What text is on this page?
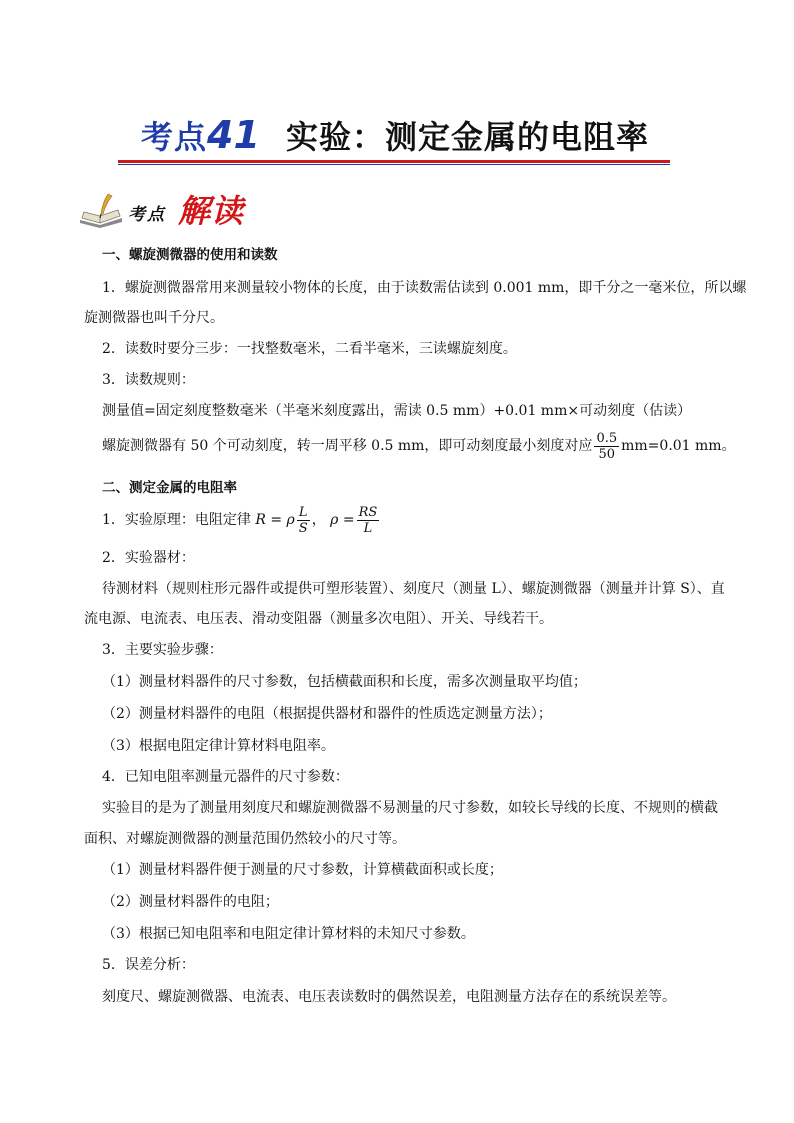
考点41 实验：测定金属的电阻率
考点 解读
一、螺旋测微器的使用和读数
1．螺旋测微器常用来测量较小物体的长度，由于读数需估读到 0.001 mm，即千分之一毫米位，所以螺
旋测微器也叫千分尺。
2．读数时要分三步：一找整数毫米，二看半毫米，三读螺旋刻度。
3．读数规则：
测量值=固定刻度整数毫米（半毫米刻度露出，需读 0.5 mm）+0.01 mm×可动刻度（估读）
螺旋测微器有 50 个可动刻度，转一周平移 0.5 mm，即可动刻度最小刻度对应 $\frac{0.5}{50} mm=0.01$ mm。
二、测定金属的电阻率
1．实验原理：电阻定律 R = ρ $\frac{L}{S}$ ， $\rho = \frac{RS}{L}$
2．实验器材：
待测材料（规则柱形元器件或提供可塑形装置）、刻度尺（测量 L）、螺旋测微器（测量并计算 S）、直
流电源、电流表、电压表、滑动变阻器（测量多次电阻）、开关、导线若干。
3．主要实验步骤：
（1）测量材料器件的尺寸参数，包括横截面积和长度，需多次测量取平均值；
（2）测量材料器件的电阻（根据提供器材和器件的性质选定测量方法）；
（3）根据电阻定律计算材料电阻率。
4．已知电阻率测量元器件的尺寸参数：
实验目的是为了测量用刻度尺和螺旋测微器不易测量的尺寸参数，如较长导线的长度、不规则的横截
面积、对螺旋测微器的测量范围仍然较小的尺寸等。
（1）测量材料器件便于测量的尺寸参数，计算横截面积或长度；
（2）测量材料器件的电阻；
（3）根据已知电阻率和电阻定律计算材料的未知尺寸参数。
5．误差分析：
刻度尺、螺旋测微器、电流表、电压表读数时的偶然误差，电阻测量方法存在的系统误差等。
